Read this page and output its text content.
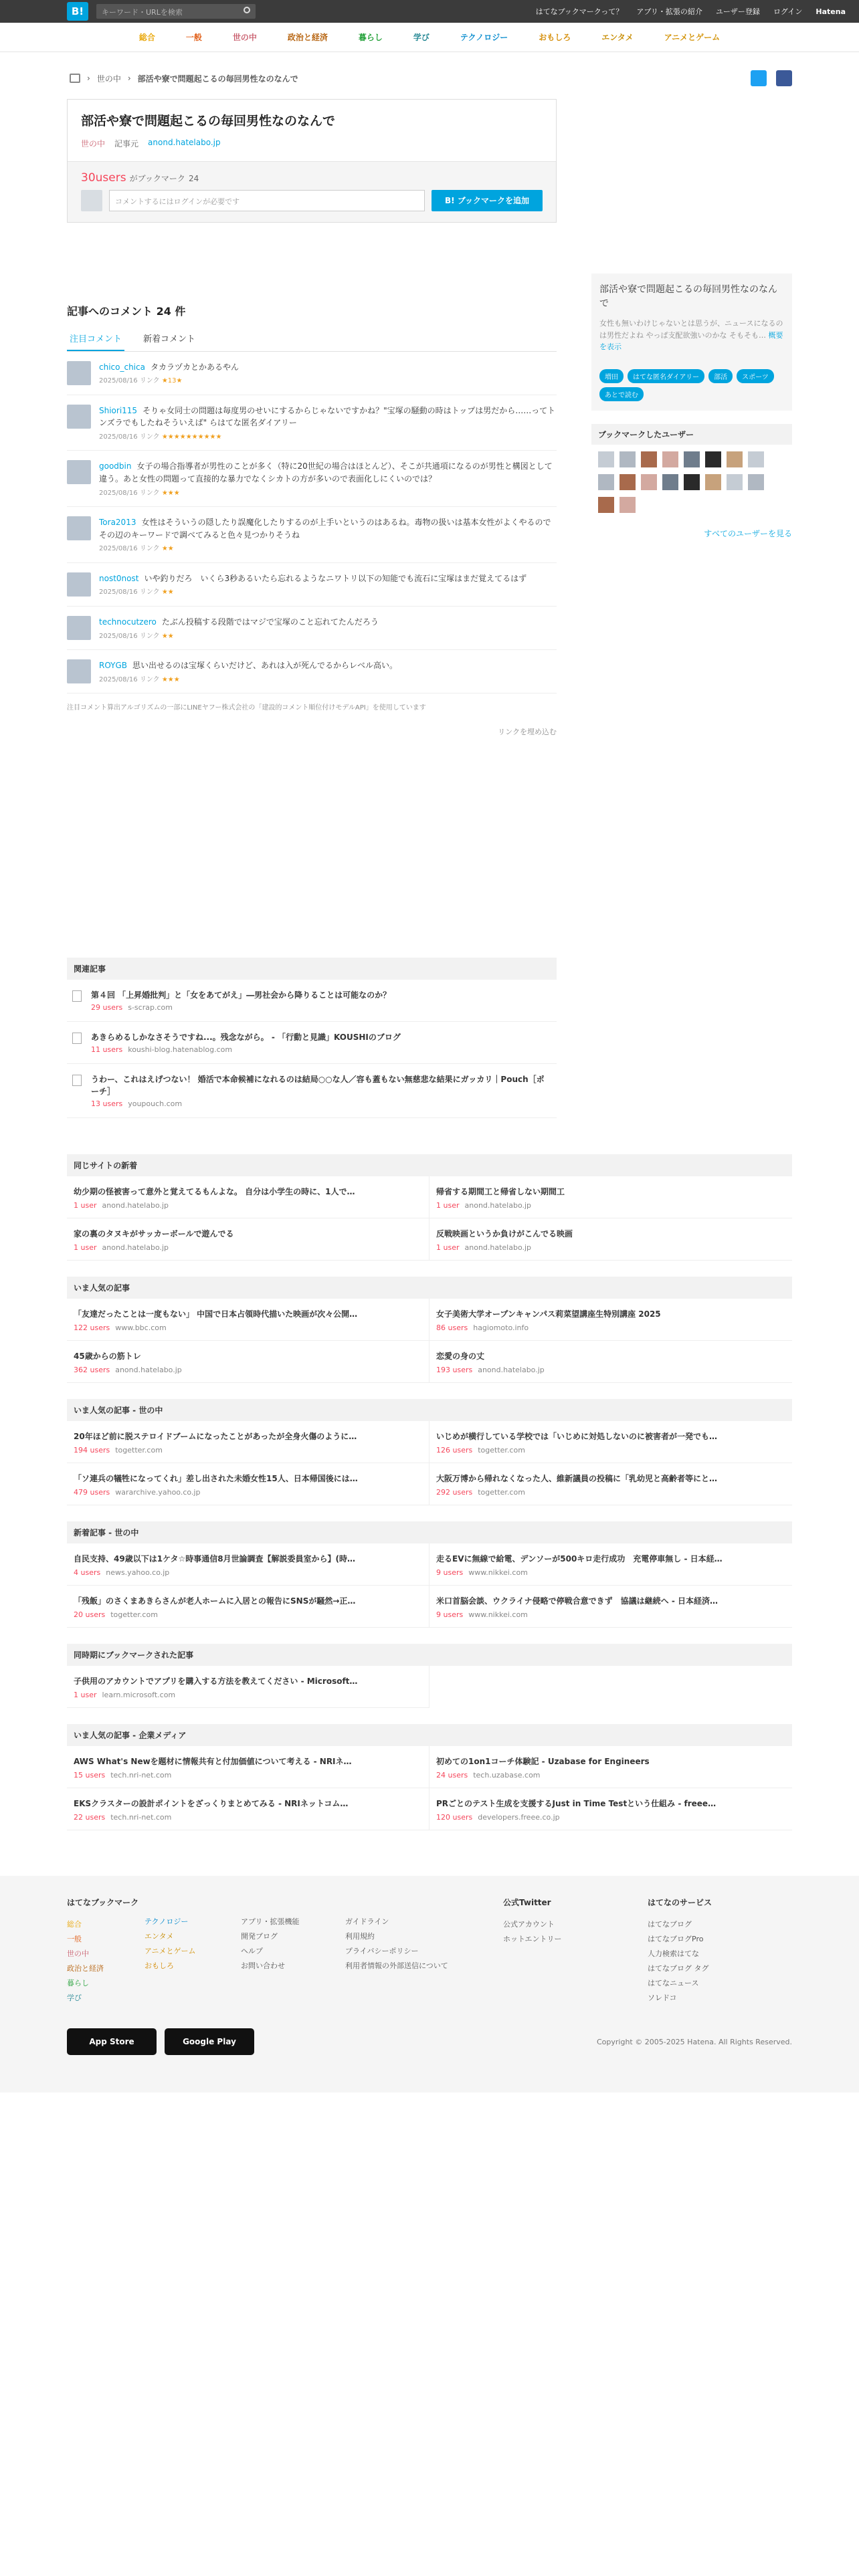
B!	キーワード・URLを検索	はてなブックマークって？ アプリ・拡張の紹介 ユーザー登録 ログイン Hatena
総合	一般	世の中	政治と経済	暮らし	学び	テクノロジー	おもしろ	エンタメ	アニメとゲーム
› 世の中 › 部活や寮で問題起こるの毎回男性なのなんで
部活や寮で問題起こるの毎回男性なのなんで
世の中 記事元 anond.hatelabo.jp
30users がブックマーク 24
コメントするにはログインが必要です	B! ブックマークを追加
記事へのコメント 24 件
注目コメント	新着コメント
chico_chica タカラヅカとかあるやん
2025/08/16 リンク ★13★
Shiori115 そりゃ女同士の問題は毎度男のせいにするからじゃないですかね？"宝塚の騒動の時はトップは男だから……ってトンズラでもしたねそういえば" らはてな匿名ダイアリー
2025/08/16 リンク ★★★★★★★★★★
goodbin 女子の場合指導者が男性のことが多く（特に20世紀の場合はほとんど）、そこが共通項になるのが男性と構図として違う。あと女性の問題って直接的な暴力でなくシカトの方が多いので表面化しにくいのでは？
2025/08/16 リンク ★★★
Tora2013 女性はそういうの隠したり誤魔化したりするのが上手いというのはあるね。毒物の扱いは基本女性がよくやるのでその辺のキーワードで調べてみると色々見つかりそうね
2025/08/16 リンク ★★
nost0nost いや釣りだろ　いくら3秒あるいたら忘れるようなニワトリ以下の知能でも流石に宝塚はまだ覚えてるはず
2025/08/16 リンク ★★
technocutzero たぶん投稿する段階ではマジで宝塚のこと忘れてたんだろう
2025/08/16 リンク ★★
ROYGB 思い出せるのは宝塚くらいだけど、あれは入が死んでるからレベル高い。
2025/08/16 リンク ★★★
注目コメント算出アルゴリズムの一部にLINEヤフー株式会社の「建設的コメント順位付けモデルAPI」を使用しています
リンクを埋め込む
関連記事
第４回 「上昇婚批判」と「女をあてがえ」―男社会から降りることは可能なのか？
29 users s-scrap.com
あきらめるしかなさそうですね...。残念ながら。 - 「行動と見識」KOUSHIのブログ
11 users koushi-blog.hatenablog.com
うわー、これはえげつない！ 婚活で本命候補になれるのは結局○○な人／容も蓋もない無慈悲な結果にガッカリ｜Pouch［ポーチ］
13 users youpouch.com
部活や寮で問題起こるの毎回男性なのなんで
女性も無いわけじゃないとは思うが、ニュースになるのは男性だよね やっぱ支配欲強いのかな そもそも… 概要を表示
増田	はてな匿名ダイアリー	部活	スポーツ
あとで読む
ブックマークしたユーザー
すべてのユーザーを見る
同じサイトの新着
幼少期の怪被害って意外と覚えてるもんよな。 自分は小学生の時に、1人で…
1 user anond.hatelabo.jp
帰省する期間工と帰省しない期間工
1 user anond.hatelabo.jp
家の裏のタヌキがサッカーボールで遊んでる
1 user anond.hatelabo.jp
反戦映画というか負けがこんでる映画
1 user anond.hatelabo.jp
いま人気の記事
「友達だったことは一度もない」 中国で日本占領時代描いた映画が次々公開…
122 users www.bbc.com
女子美術大学オープンキャンパス莉菜望講座生特別講座 2025
86 users hagiomoto.info
45歳からの筋トレ
362 users anond.hatelabo.jp
恋愛の身の丈
193 users anond.hatelabo.jp
いま人気の記事 - 世の中
20年ほど前に脱ステロイドブームになったことがあったが全身火傷のように…
194 users togetter.com
いじめが横行している学校では「いじめに対処しないのに被害者が一発でも…
126 users togetter.com
「ソ連兵の犠牲になってくれ」差し出された未婚女性15人、日本帰国後には…
479 users wararchive.yahoo.co.jp
大阪万博から帰れなくなった人、維新議員の投稿に「乳幼児と高齢者等にと…
292 users togetter.com
新着記事 - 世の中
自民支持、49歳以下は1ケタ☆時事通信8月世論調査【解説委員室から】(時…
4 users news.yahoo.co.jp
走るEVに無線で給電、デンソーが500キロ走行成功　充電停車無し - 日本経…
9 users www.nikkei.com
「残飯」のさくまあきらさんが老人ホームに入居との報告にSNSが騒然→正…
20 users togetter.com
米口首脳会談、ウクライナ侵略で停戦合意できず　協議は継続へ - 日本経済…
9 users www.nikkei.com
同時期にブックマークされた記事
子供用のアカウントでアプリを購入する方法を教えてください - Microsoft…
1 user learn.microsoft.com
いま人気の記事 - 企業メディア
AWS What's Newを題材に情報共有と付加価値について考える - NRIネ…
15 users tech.nri-net.com
初めての1on1コーチ体験記 - Uzabase for Engineers
24 users tech.uzabase.com
EKSクラスターの設計ポイントをざっくりまとめてみる - NRIネットコム…
22 users tech.nri-net.com
PRごとのテスト生成を支援するJust in Time Testという仕組み - freee…
120 users developers.freee.co.jp
はてなブックマーク
総合
一般
世の中
政治と経済
暮らし
学び
テクノロジー
エンタメ
アニメとゲーム
おもしろ
アプリ・拡張機能
開発ブログ
ヘルプ
お問い合わせ
ガイドライン
利用規約
プライバシーポリシー
利用者情報の外部送信について
公式Twitter
公式アカウント
ホットエントリー
はてなのサービス
はてなブログ
はてなブログPro
人力検索はてな
はてなブログ タグ
はてなニュース
ソレドコ
App Store	Google Play	Copyright © 2005-2025 Hatena. All Rights Reserved.
